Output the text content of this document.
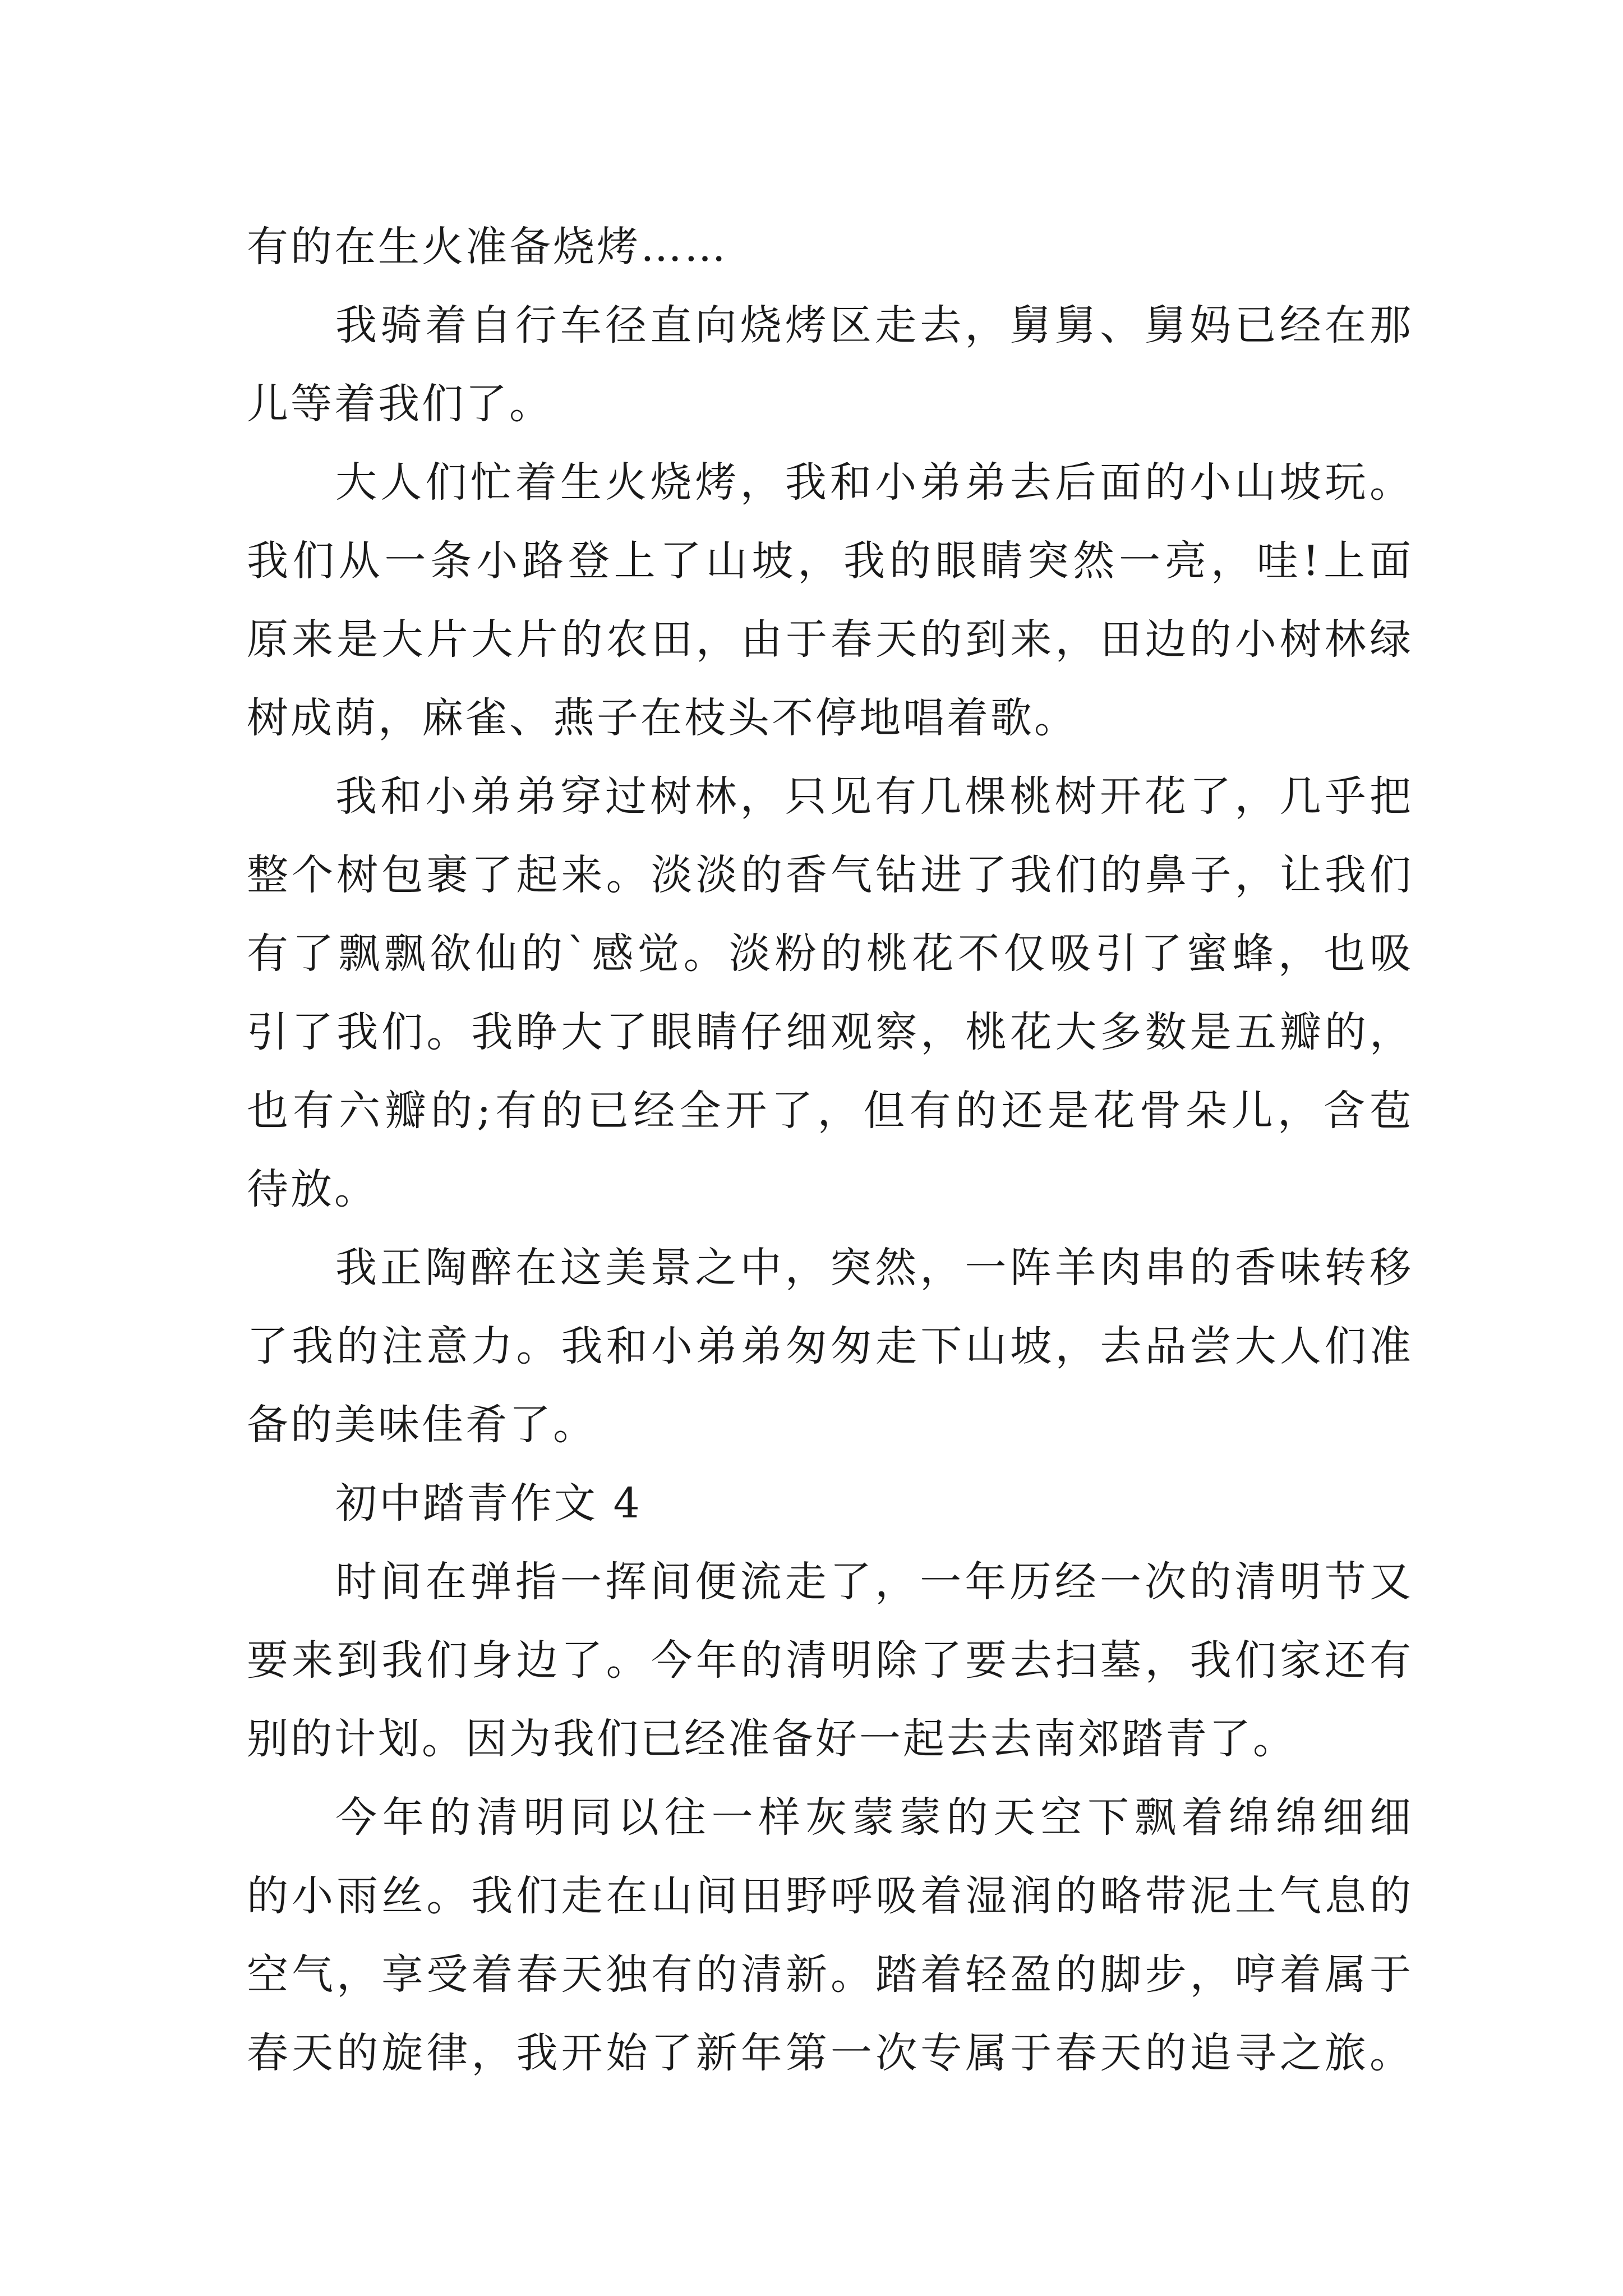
有的在生火准备烧烤……
我骑着自行车径直向烧烤区走去，舅舅、舅妈已经在那
儿等着我们了。
大人们忙着生火烧烤，我和小弟弟去后面的小山坡玩。
我们从一条小路登上了山坡，我的眼睛突然一亮，哇!上面
原来是大片大片的农田，由于春天的到来，田边的小树林绿
树成荫，麻雀、燕子在枝头不停地唱着歌。
我和小弟弟穿过树林，只见有几棵桃树开花了，几乎把
整个树包裹了起来。淡淡的香气钻进了我们的鼻子，让我们
有了飘飘欲仙的`感觉。淡粉的桃花不仅吸引了蜜蜂，也吸
引了我们。我睁大了眼睛仔细观察，桃花大多数是五瓣的，
也有六瓣的;有的已经全开了，但有的还是花骨朵儿，含苞
待放。
我正陶醉在这美景之中，突然，一阵羊肉串的香味转移
了我的注意力。我和小弟弟匆匆走下山坡，去品尝大人们准
备的美味佳肴了。
初中踏青作文 4
时间在弹指一挥间便流走了，一年历经一次的清明节又
要来到我们身边了。今年的清明除了要去扫墓，我们家还有
别的计划。因为我们已经准备好一起去去南郊踏青了。
今年的清明同以往一样灰蒙蒙的天空下飘着绵绵细细
的小雨丝。我们走在山间田野呼吸着湿润的略带泥土气息的
空气，享受着春天独有的清新。踏着轻盈的脚步，哼着属于
春天的旋律，我开始了新年第一次专属于春天的追寻之旅。
